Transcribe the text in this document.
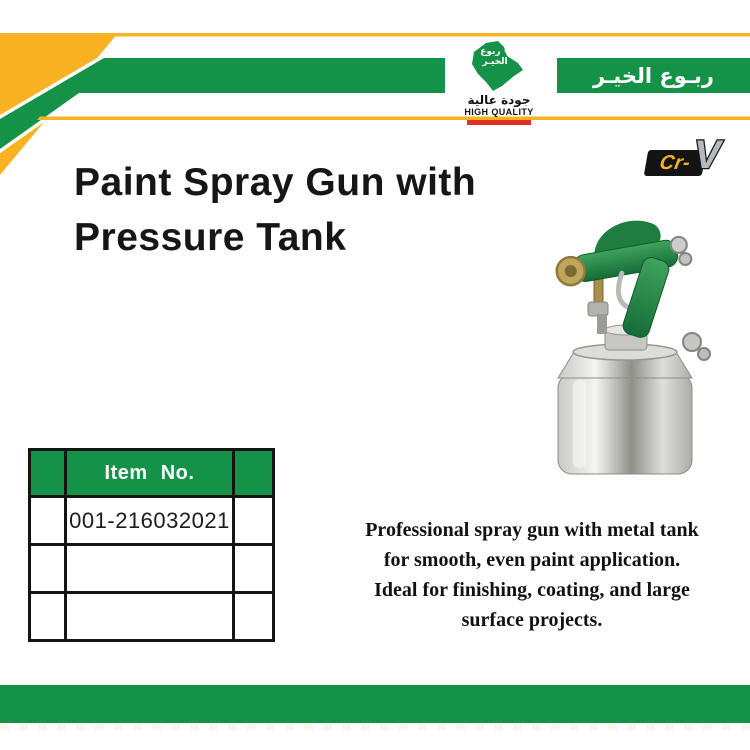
ربـوع الخيـر
® ربوع
الخيـر
جودة عالية
HIGH QUALITY
Paint Spray Gun with
Pressure Tank
Cr- V
	Item No.	
	001-216032021	

			Professional spray gun with metal tank
for smooth, even paint application.
Ideal for finishing, coating, and large
surface projects.
